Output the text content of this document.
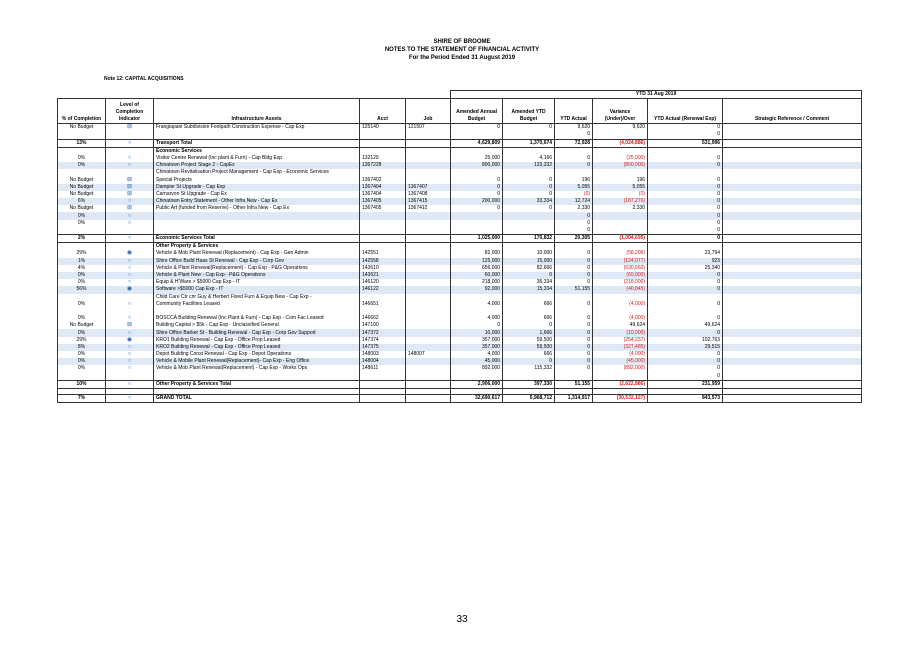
SHIRE OF BROOME
NOTES TO THE STATEMENT OF FINANCIAL ACTIVITY
For the Period Ended 31 August 2019
Note 12: CAPITAL ACQUISITIONS
					YTD 31 Aug 2019					
% of Completion	Level of Completion Indicator	Infrastructure Assets	Acct	Job	Amended Annual Budget	Amended YTD Budget	YTD Actual	Variance (Under)/Over	YTD Actual (Renewal Exp)	Strategic Reference / Comment
No Budget	⊠	Frangiapani Subdivision Footpath Construction Expense - Cap Exp	125140	121507	0	0	9,620	9,620	0	
							0		0	
13%	○	Transport Total			4,629,809	1,370,674	72,928	(4,024,886)	531,996	
		Economic Services								
0%	○	Visitor Centre Renewal (Inc plant & Furn) - Cap Bldg Exp	132129		25,000	4,166	0	(25,000)	0	
0%	○	Chinatown Project Stage 2 - CapEx	1367228		800,000	133,332	0	(800,000)	0	
		Chinatown Revitalisation Project Management - Cap Exp - Economic Services								
No Budget	⊠	Special Projects	1367402		0	0	196	196	0	
No Budget	⊠	Dampier St Upgrade - Cap Exp	1367404	1367407	0	0	5,055	5,055	0	
No Budget	⊠	Carnarvon St Upgrade - Cap Ex	1367404	1367408	0	0	(0)	(0)	0	
6%	○	Chinatown Entry Statement - Other Infra New - Cap Ex	1367405	1367415	200,000	33,334	12,724	(187,276)	0	
No Budget	⊠	Public Art (funded from Reserve) - Other Infra New - Cap Ex	1367405	1367412	0	0	2,330	2,330	0	
0%	○						0		0	
0%	○						0		0	
							0		0	
2%	○	Economic Services Total			1,025,000	170,832	20,305	(1,004,695)	0	
		Other Property & Services								
29%	◉	Vehicle & Mob Plant Renewal (Replacement) - Cap Exp - Gen Admin	142551		82,000	10,000	0	(58,206)	23,794	
1%	○	Shire Office Build Haas St Renewal - Cap Exp - Corp Gov	142558		125,000	15,000	0	(124,077)	923	
4%	○	Vehicle & Plant Renewal(Replacement) - Cap Exp - P&G Operations	143610		656,000	82,666	0	(630,660)	25,340	
0%	○	Vehicle & Plant New - Cap Exp - P&G Operations	143621		60,000	0	0	(60,000)	0	
0%	○	Equip & H'Ware > $5000 Cap Exp - IT	146120		218,000	36,334	0	(218,000)	0	
56%	◉	Software >$5000 Cap Exp - IT	146122		92,000	15,334	51,155	(40,845)	0	
		Child Care Ctr cnr Guy & Herbert Fixed Furn & Equip New - Cap Exp -								
0%	○	Community Facilities Leased	146651		4,000	666	0	(4,000)	0	

0%	○	BOSCCA Building Renewal (Inc Plant & Furn) - Cap Exp - Com Fac Leased	146662		4,000	666	0	(4,000)	0	
No Budget	⊠	Building Capital > $5k - Cap Exp - Unclassified General	147100		0	0	0	49,624	49,624	
0%	○	Shire Office Barker St - Building Renewal - Cap Exp - Corp Gov Support	147372		10,000	1,666	0	(10,000)	0	
29%	◉	KRO1 Building Renewal - Cap Exp - Office Prop Leased	147374		357,000	59,500	0	(254,237)	102,763	
8%	○	KRO2 Building Renewal - Cap Exp - Office Prop Leased	147375		357,000	59,500	0	(327,485)	29,515	
0%	○	Depot Building Const Renewal - Cap Exp - Depot Operations	148003	148007	4,000	666	0	(4,000)	0	
0%	○	Vehicle & Mobile Plant Renewal(Replacement)- Cap Exp - Eng Office	148004		45,000	0	0	(45,000)	0	
0%	○	Vehicle & Mob Plant Renewal(Replacement) - Cap Exp - Works Ops	148611		892,000	115,332	0	(892,000)	0	
									0	
10%	○	Other Property & Services Total			2,906,000	397,330	51,155	(2,622,886)	231,959	

7%	○	GRAND TOTAL			32,690,617	5,968,712	1,314,917	(30,532,127)	843,573	
33
